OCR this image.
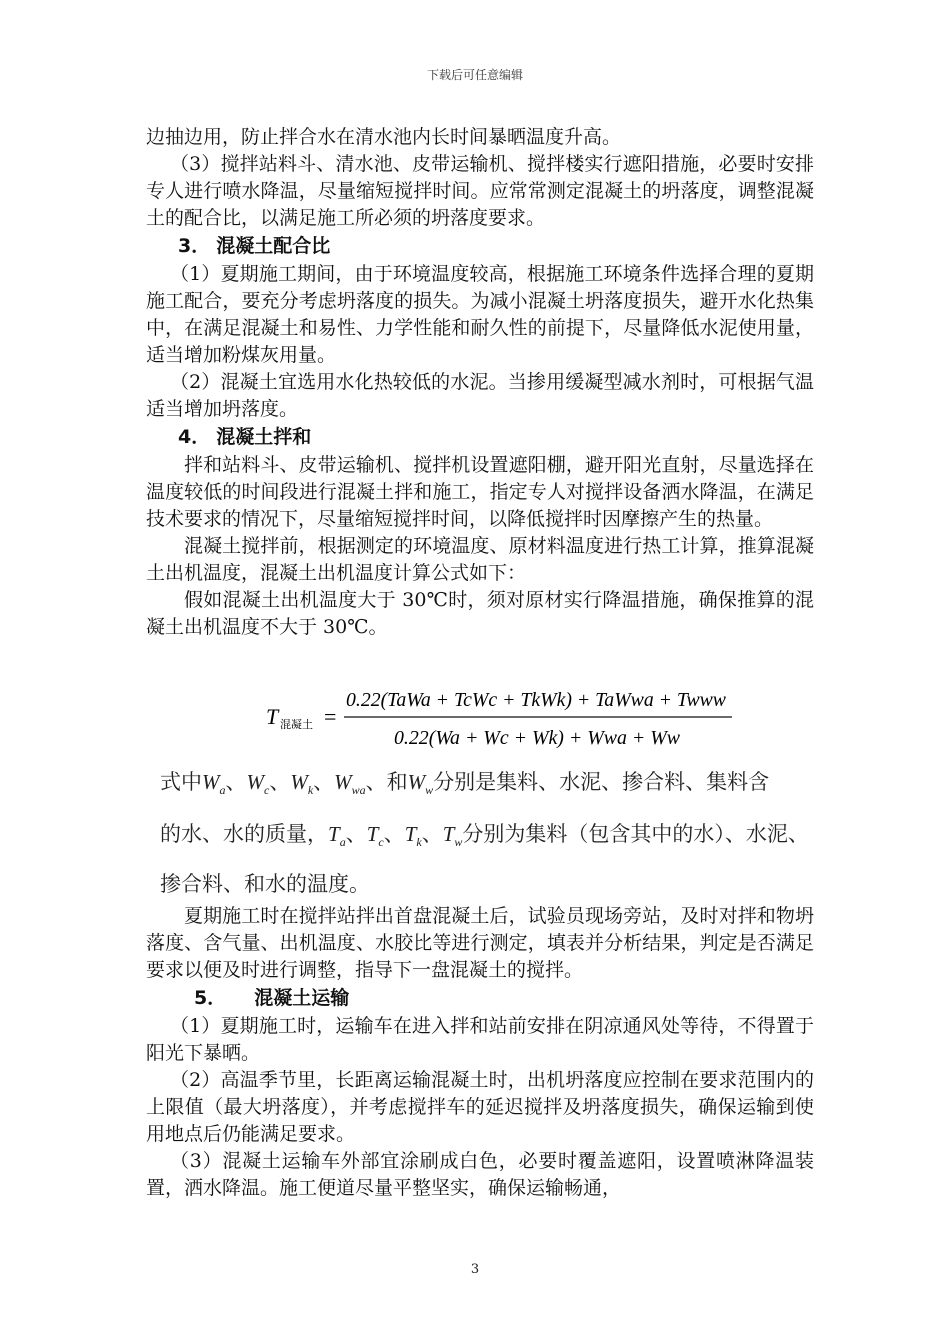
下载后可任意编辑

边抽边用，防止拌合水在清水池内长时间暴晒温度升高。

（3）搅拌站料斗、清水池、皮带运输机、搅拌楼实行遮阳措施，必要时安排专人进行喷水降温，尽量缩短搅拌时间。应常常测定混凝土的坍落度，调整混凝土的配合比，以满足施工所必须的坍落度要求。

3． 混凝土配合比

（1）夏期施工期间，由于环境温度较高，根据施工环境条件选择合理的夏期施工配合，要充分考虑坍落度的损失。为减小混凝土坍落度损失，避开水化热集中，在满足混凝土和易性、力学性能和耐久性的前提下，尽量降低水泥使用量，适当增加粉煤灰用量。

（2）混凝土宜选用水化热较低的水泥。当掺用缓凝型减水剂时，可根据气温适当增加坍落度。

4． 混凝土拌和

拌和站料斗、皮带运输机、搅拌机设置遮阳棚，避开阳光直射，尽量选择在温度较低的时间段进行混凝土拌和施工，指定专人对搅拌设备洒水降温，在满足技术要求的情况下，尽量缩短搅拌时间，以降低搅拌时因摩擦产生的热量。

混凝土搅拌前，根据测定的环境温度、原材料温度进行热工计算，推算混凝土出机温度，混凝土出机温度计算公式如下：

假如混凝土出机温度大于 30℃时，须对原材实行降温措施，确保推算的混凝土出机温度不大于 30℃。

T 混凝土 =
0.22(TaWa + TcWc + TkWk) + TaWwa + Twww
0.22(Wa + Wc + Wk) + Wwa + Ww
式中$W_a$、$W_c$、$W_k$、$W_{wa}$、和$W_w$分别是集料、水泥、掺合料、集料含
的水、水的质量，$T_a$、$T_c$、$T_k$、$T_w$分别为集料（包含其中的水）、水泥、
掺合料、和水的温度。

夏期施工时在搅拌站拌出首盘混凝土后，试验员现场旁站，及时对拌和物坍落度、含气量、出机温度、水胶比等进行测定，填表并分析结果，判定是否满足要求以便及时进行调整，指导下一盘混凝土的搅拌。

5． 混凝土运输

（1）夏期施工时，运输车在进入拌和站前安排在阴凉通风处等待，不得置于阳光下暴晒。

（2）高温季节里，长距离运输混凝土时，出机坍落度应控制在要求范围内的上限值（最大坍落度），并考虑搅拌车的延迟搅拌及坍落度损失，确保运输到使用地点后仍能满足要求。

（3）混凝土运输车外部宜涂刷成白色，必要时覆盖遮阳，设置喷淋降温装置，洒水降温。施工便道尽量平整坚实，确保运输畅通，

3
